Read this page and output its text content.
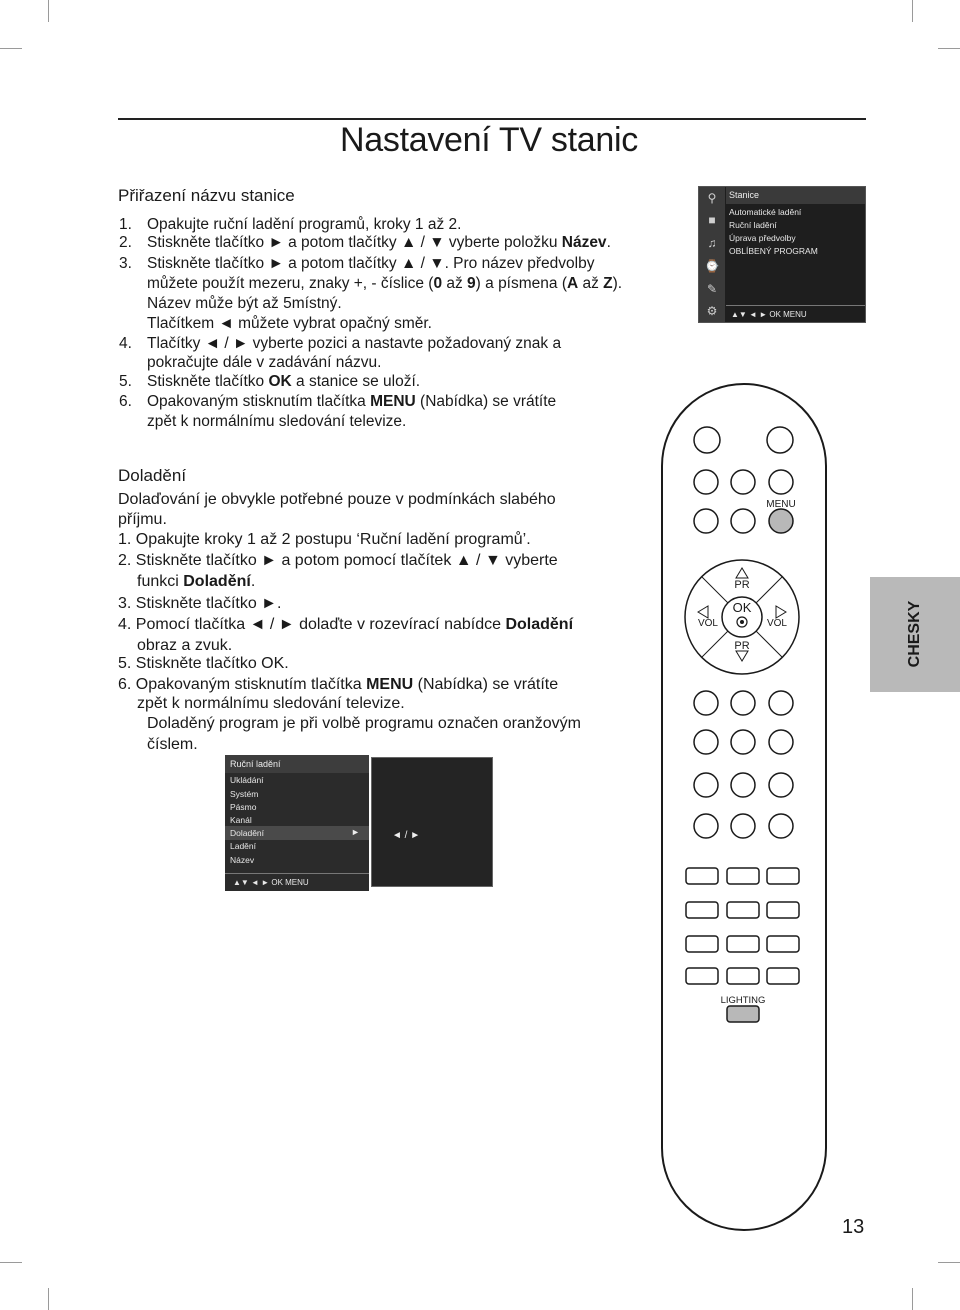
Nastavení TV stanic
Přiřazení názvu stanice
1. Opakujte ruční ladění programů, kroky 1 až 2.
2. Stiskněte tlačítko ► a potom tlačítky ▲ / ▼ vyberte položku Název.
3. Stiskněte tlačítko ► a potom tlačítky ▲ / ▼. Pro název předvolby
můžete použít mezeru, znaky +, - číslice (0 až 9) a písmena (A až Z).
Název může být až 5místný.
Tlačítkem ◄ můžete vybrat opačný směr.
4. Tlačítky ◄ / ► vyberte pozici a nastavte požadovaný znak a
pokračujte dále v zadávání názvu.
5. Stiskněte tlačítko OK a stanice se uloží.
6. Opakovaným stisknutím tlačítka MENU (Nabídka) se vrátíte
zpět k normálnímu sledování televize.
⚲
■
♫
⌚
✎
⚙
Stanice
Automatické ladění
Ruční ladění
Úprava předvolby
OBLÍBENÝ PROGRAM
▲▼ ◄ ► OK MENU
Doladění
Dolaďování je obvykle potřebné pouze v podmínkách slabého
příjmu.
1. Opakujte kroky 1 až 2 postupu ‘Ruční ladění programů’.
2. Stiskněte tlačítko ► a potom pomocí tlačítek ▲ / ▼ vyberte
funkci Doladění.
3. Stiskněte tlačítko ►.
4. Pomocí tlačítka ◄ / ► dolaďte v rozevírací nabídce Doladění
obraz a zvuk.
5. Stiskněte tlačítko OK.
6. Opakovaným stisknutím tlačítka MENU (Nabídka) se vrátíte
zpět k normálnímu sledování televize.
Doladěný program je při volbě programu označen oranžovým
číslem.
Ruční ladění
Ukládání
Systém
Pásmo
Kanál
Doladění	►
Ladění
Název
▲▼ ◄ ► OK MENU
◄ / ►
MENU
PR
PR
OK
VOL	VOL
LIGHTING
CHESKY
13
